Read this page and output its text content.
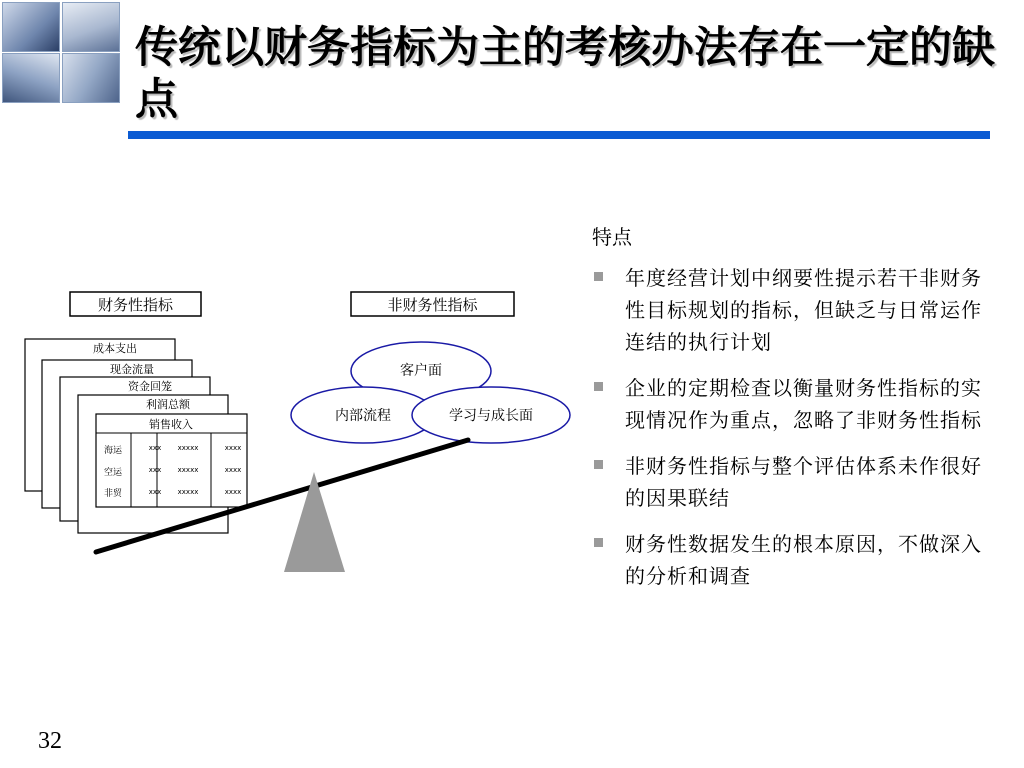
传统以财务指标为主的考核办法存在一定的缺点
财务性指标	非财务性指标
成本支出
现金流量
资金回笼
利润总额
销售收入
海运	xxx xxxxx	xxxx
空运	xxx xxxxx	xxxx
非贸	xxx xxxxx	xxxx
客户面
内部流程	学习与成长面
特点
年度经营计划中纲要性提示若干非财务性目标规划的指标，但缺乏与日常运作连结的执行计划
企业的定期检查以衡量财务性指标的实现情况作为重点，忽略了非财务性指标
非财务性指标与整个评估体系未作很好的因果联结
财务性数据发生的根本原因，不做深入的分析和调查
32
